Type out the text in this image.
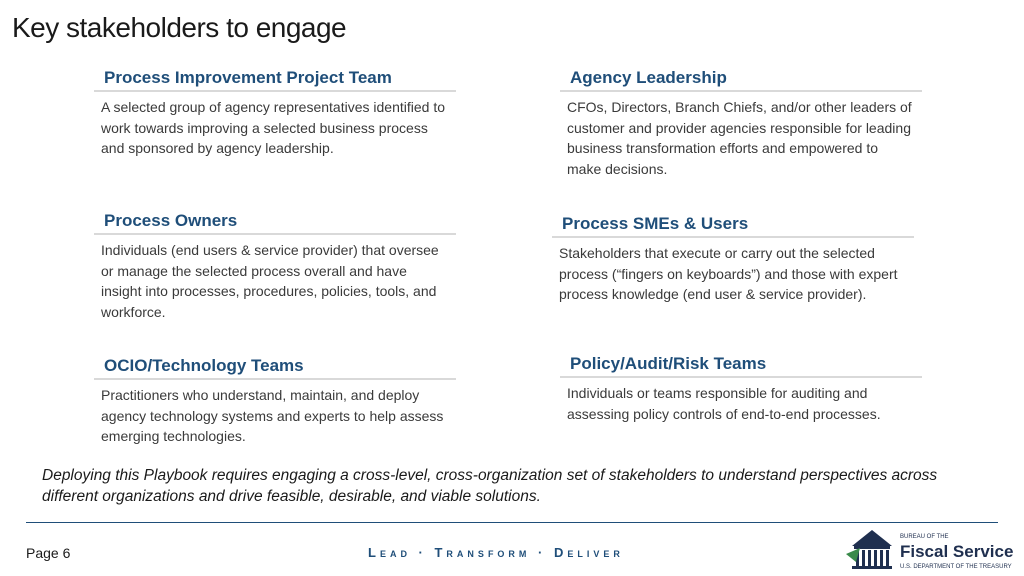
Key stakeholders to engage
Process Improvement Project Team
A selected group of agency representatives identified to work towards improving a selected business process and sponsored by agency leadership.
Agency Leadership
CFOs, Directors, Branch Chiefs, and/or other leaders of customer and provider agencies responsible for leading business transformation efforts and empowered to make decisions.
Process Owners
Individuals (end users & service provider) that oversee or manage the selected process overall and have insight into processes, procedures, policies, tools, and workforce.
Process SMEs & Users
Stakeholders that execute or carry out the selected process (“fingers on keyboards”) and those with expert process knowledge (end user & service provider).
OCIO/Technology Teams
Practitioners who understand, maintain, and deploy agency technology systems and experts to help assess emerging technologies.
Policy/Audit/Risk Teams
Individuals or teams responsible for auditing and assessing policy controls of end-to-end processes.
Deploying this Playbook requires engaging a cross-level, cross-organization set of stakeholders to understand perspectives across different organizations and drive feasible, desirable, and viable solutions.
Page 6	Lead · Transform · Deliver
BUREAU OF THE
Fiscal Service
U.S. DEPARTMENT OF THE TREASURY
